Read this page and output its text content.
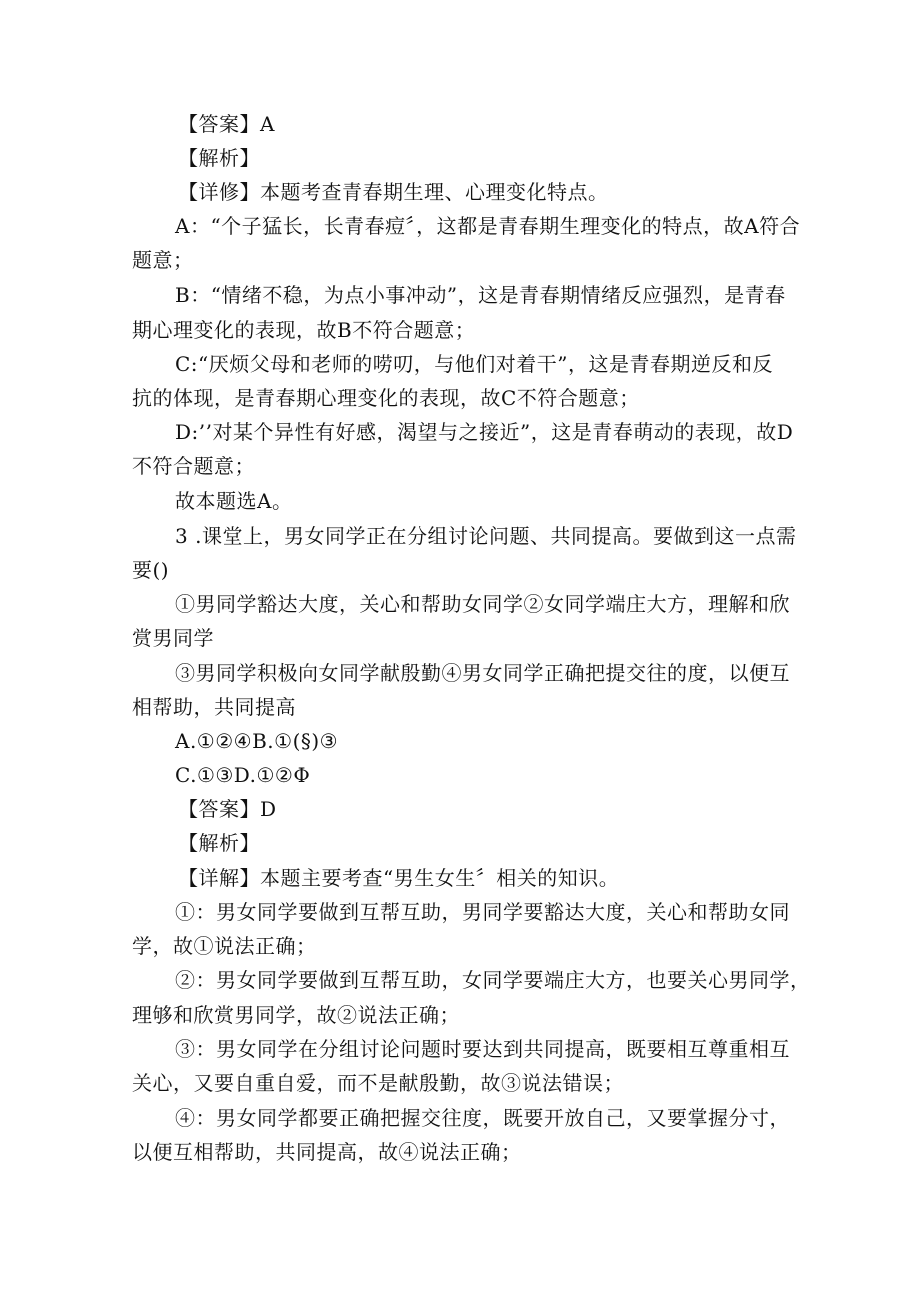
【答案】A
【解析】
【详修】本题考查青春期生理、心理变化特点。
A：“个子猛长，长青春痘〞，这都是青春期生理变化的特点，故A符合
题意；
B：“情绪不稳，为点小事冲动”，这是青春期情绪反应强烈，是青春
期心理变化的表现，故B不符合题意；
C:“厌烦父母和老师的唠叨，与他们对着干”，这是青春期逆反和反
抗的体现，是青春期心理变化的表现，故C不符合题意；
D:’’对某个异性有好感，渴望与之接近”，这是青春萌动的表现，故D
不符合题意；
故本题选A。
3 .课堂上，男女同学正在分组讨论问题、共同提高。要做到这一点需
要()
①男同学豁达大度，关心和帮助女同学②女同学端庄大方，理解和欣
赏男同学
③男同学积极向女同学献殷勤④男女同学正确把提交往的度，以便互
相帮助，共同提高
A.①②④B.①(§)③
C.①③D.①②Φ
【答案】D
【解析】
【详解】本题主要考查“男生女生〞相关的知识。
①：男女同学要做到互帮互助，男同学要豁达大度，关心和帮助女同
学，故①说法正确；
②：男女同学要做到互帮互助，女同学要端庄大方，也要关心男同学，
理够和欣赏男同学，故②说法正确；
③：男女同学在分组讨论问题时要达到共同提高，既要相互尊重相互
关心，又要自重自爱，而不是献殷勤，故③说法错误；
④：男女同学都要正确把握交往度，既要开放自己，又要掌握分寸，
以便互相帮助，共同提高，故④说法正确；
